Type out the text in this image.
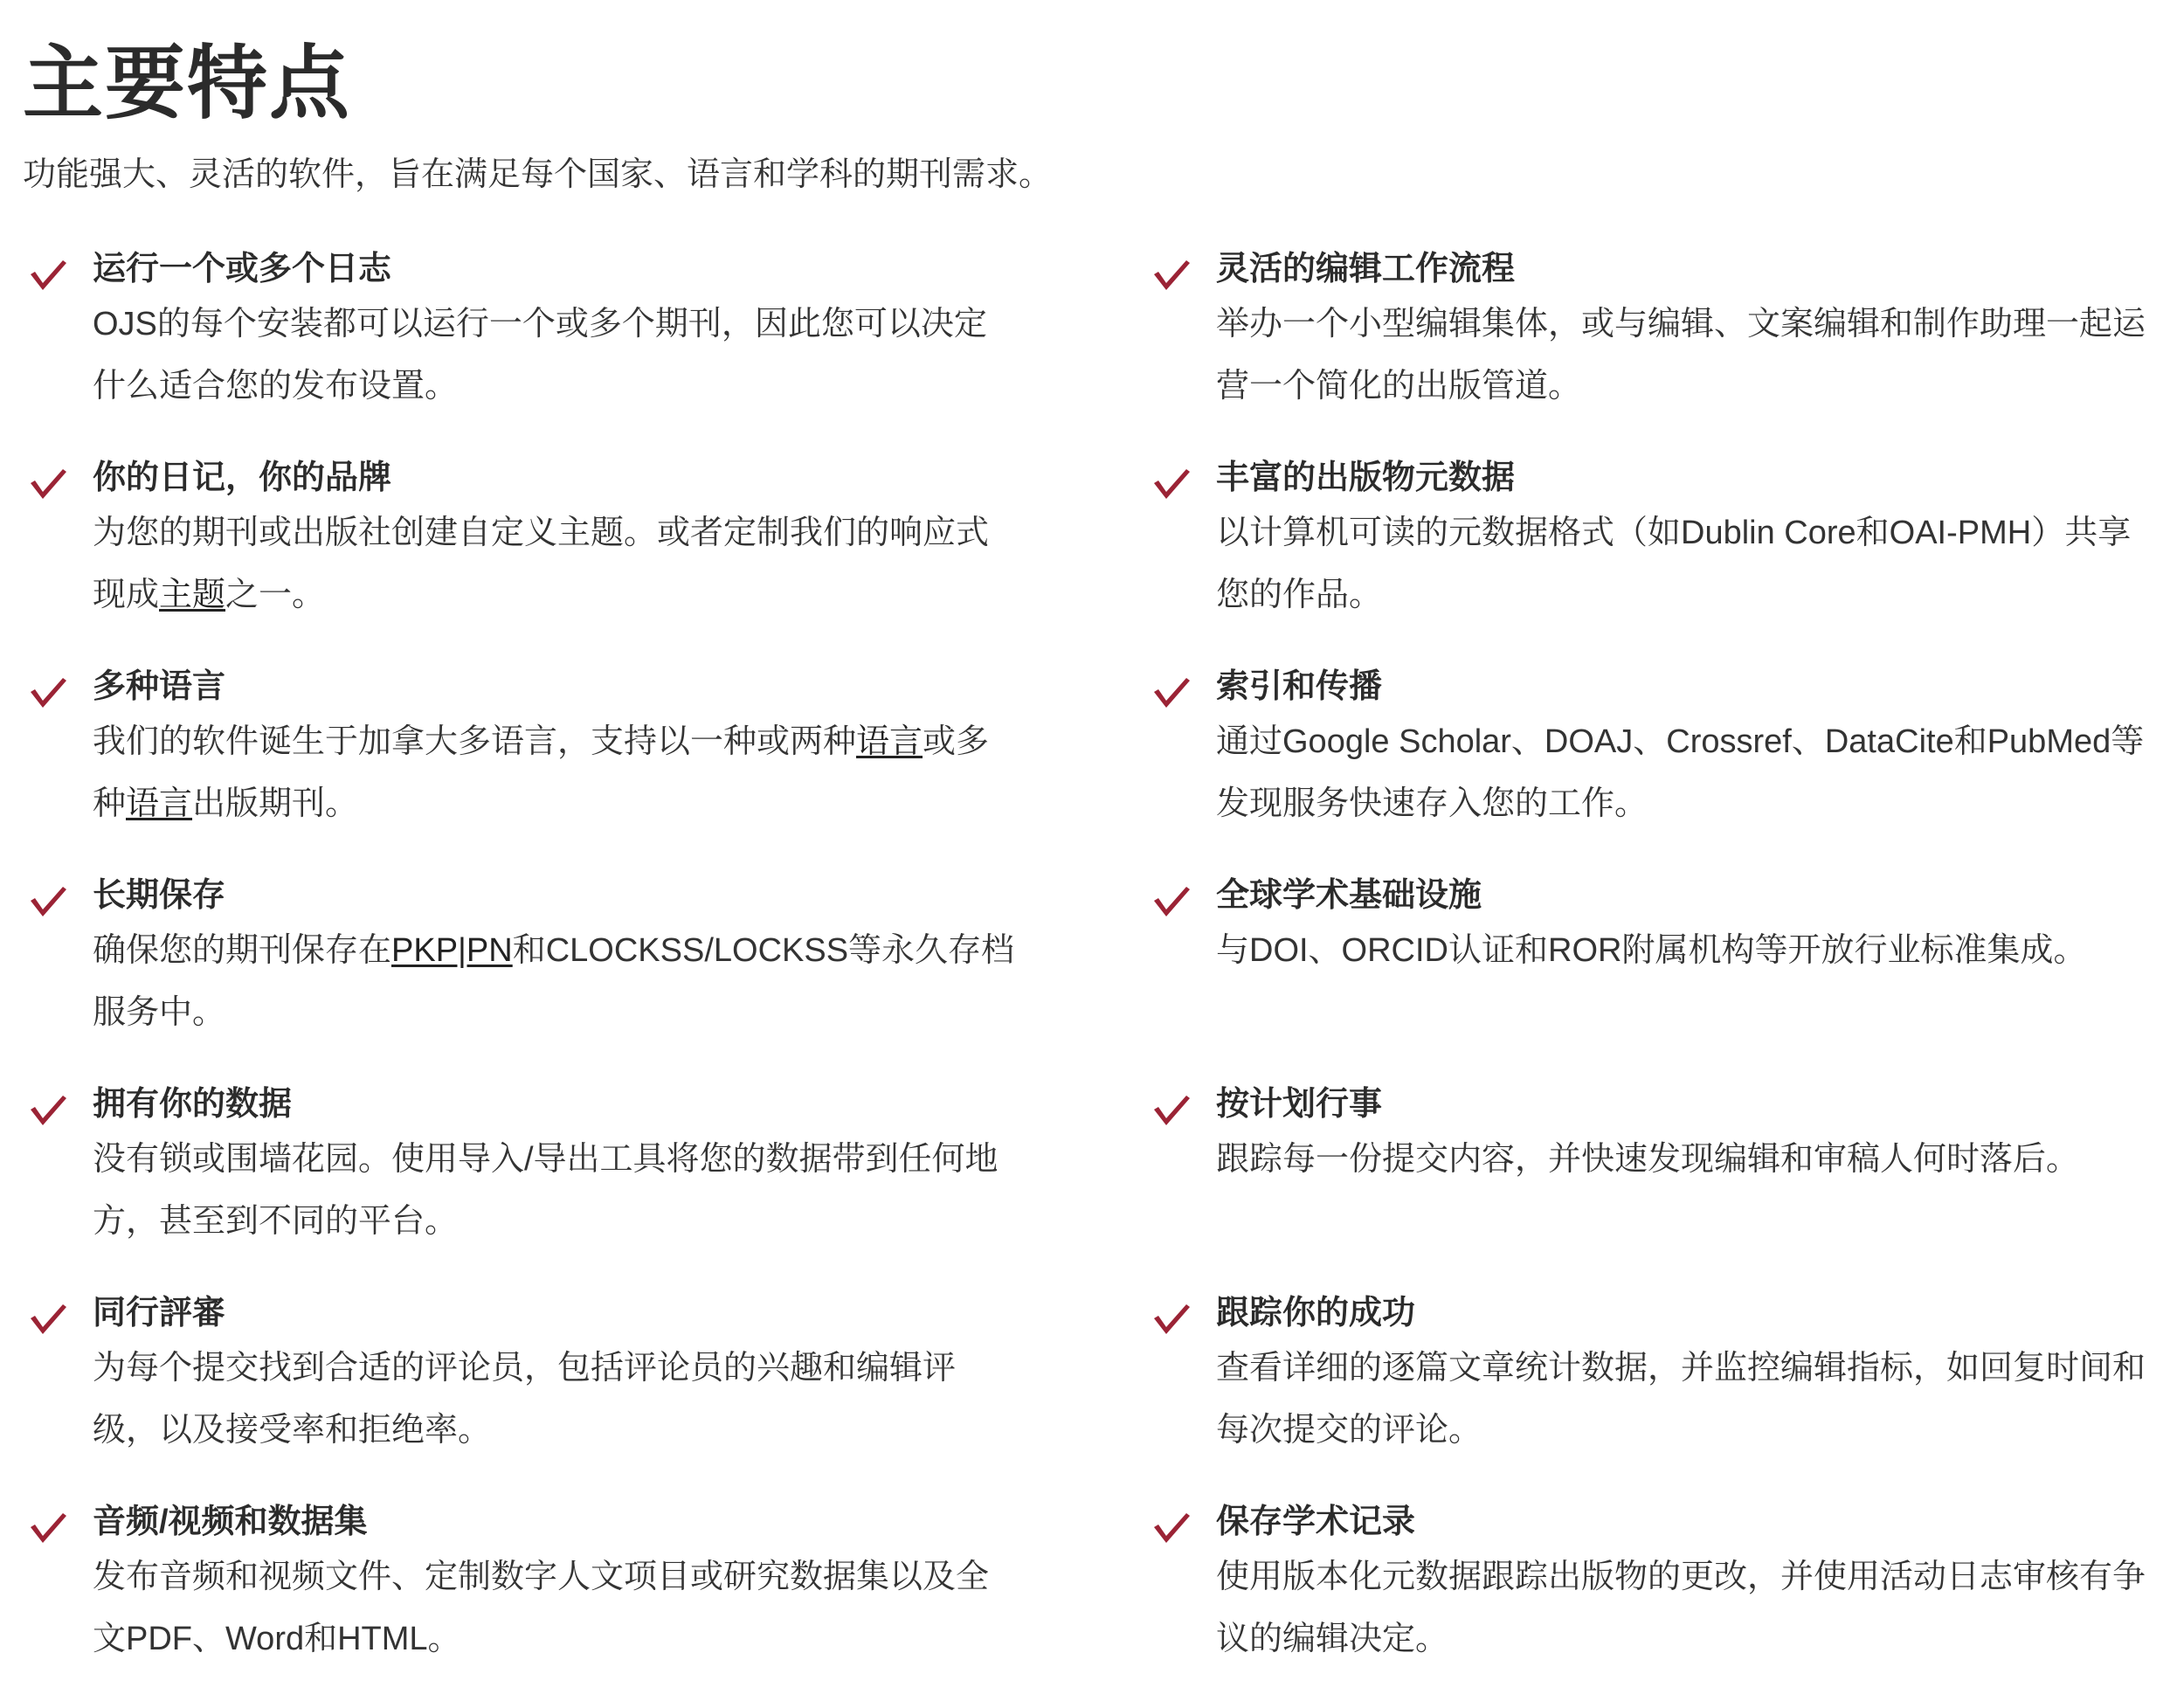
主要特点

功能强大、灵活的软件，旨在满足每个国家、语言和学科的期刊需求。

运行一个或多个日志
OJS的每个安装都可以运行一个或多个期刊，因此您可以决定什么适合您的发布设置。
灵活的编辑工作流程
举办一个小型编辑集体，或与编辑、文案编辑和制作助理一起运营一个简化的出版管道。
你的日记，你的品牌
为您的期刊或出版社创建自定义主题。或者定制我们的响应式现成主题之一。
丰富的出版物元数据
以计算机可读的元数据格式（如Dublin Core和OAI-PMH）共享您的作品。
多种语言
我们的软件诞生于加拿大多语言，支持以一种或两种语言或多种语言出版期刊。
索引和传播
通过Google Scholar、DOAJ、Crossref、DataCite和PubMed等发现服务快速存入您的工作。
长期保存
确保您的期刊保存在PKP|PN和CLOCKSS/LOCKSS等永久存档服务中。
全球学术基础设施
与DOI、ORCID认证和ROR附属机构等开放行业标准集成。
拥有你的数据
没有锁或围墙花园。使用导入/导出工具将您的数据带到任何地方，甚至到不同的平台。
按计划行事
跟踪每一份提交内容，并快速发现编辑和审稿人何时落后。
同行評審
为每个提交找到合适的评论员，包括评论员的兴趣和编辑评级，以及接受率和拒绝率。
跟踪你的成功
查看详细的逐篇文章统计数据，并监控编辑指标，如回复时间和每次提交的评论。
音频/视频和数据集
发布音频和视频文件、定制数字人文项目或研究数据集以及全文PDF、Word和HTML。
保存学术记录
使用版本化元数据跟踪出版物的更改，并使用活动日志审核有争议的编辑决定。
